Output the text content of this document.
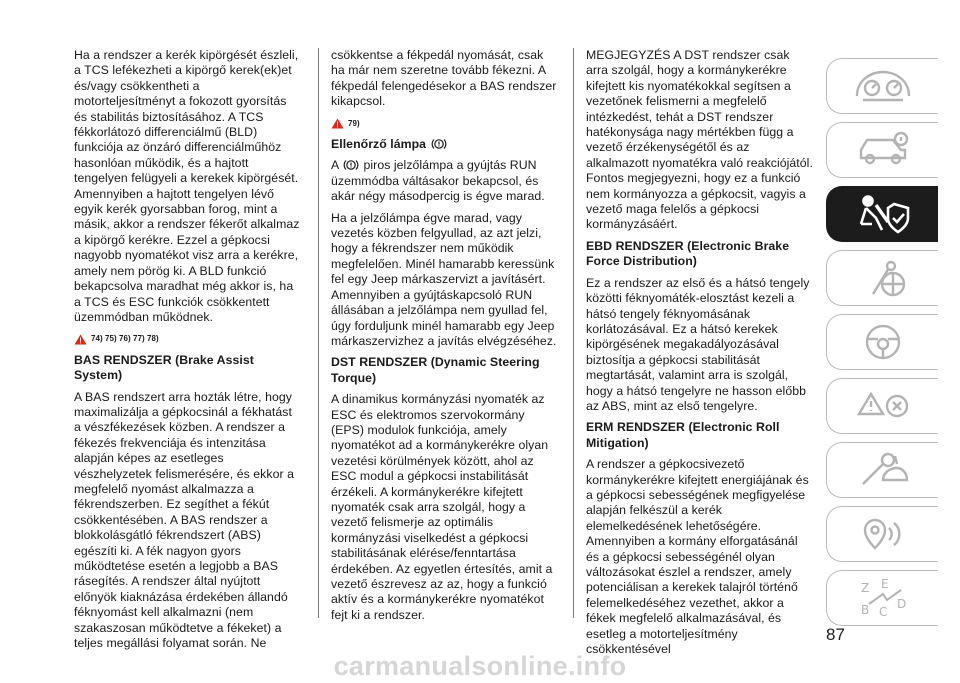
Ha a rendszer a kerék kipörgését észleli, a TCS lefékezheti a kipörgő kerek(ek)et és/vagy csökkentheti a motorteljesítményt a fokozott gyorsítás és stabilitás biztosításához. A TCS fékkorlátozó differenciálmű (BLD) funkciója az önzáró differenciálműhöz hasonlóan működik, és a hajtott tengelyen felügyeli a kerekek kipörgését. Amennyiben a hajtott tengelyen lévő egyik kerék gyorsabban forog, mint a másik, akkor a rendszer fékerőt alkalmaz a kipörgő kerékre. Ezzel a gépkocsi nagyobb nyomatékot visz arra a kerékre, amely nem pörög ki. A BLD funkció bekapcsolva maradhat még akkor is, ha a TCS és ESC funkciók csökkentett üzemmódban működnek.

74) 75) 76) 77) 78)
BAS RENDSZER (Brake Assist System)

A BAS rendszert arra hozták létre, hogy maximalizálja a gépkocsinál a fékhatást a vészfékezések közben. A rendszer a fékezés frekvenciája és intenzitása alapján képes az esetleges vészhelyzetek felismerésére, és ekkor a megfelelő nyomást alkalmazza a fékrendszerben. Ez segíthet a fékút csökkentésében. A BAS rendszer a blokkolásgátló fékrendszert (ABS) egészíti ki. A fék nagyon gyors működtetése esetén a legjobb a BAS rásegítés. A rendszer által nyújtott előnyök kiaknázása érdekében állandó féknyomást kell alkalmazni (nem szakaszosan működtetve a fékeket) a teljes megállási folyamat során. Ne

csökkentse a fékpedál nyomását, csak ha már nem szeretne tovább fékezni. A fékpedál felengedésekor a BAS rendszer kikapcsol.

79)
Ellenőrző lámpa

A piros jelzőlámpa a gyújtás RUN üzemmódba váltásakor bekapcsol, és akár négy másodpercig is égve marad.

Ha a jelzőlámpa égve marad, vagy vezetés közben felgyullad, az azt jelzi, hogy a fékrendszer nem működik megfelelően. Minél hamarabb keressünk fel egy Jeep márkaszervizt a javításért. Amennyiben a gyújtáskapcsoló RUN állásában a jelzőlámpa nem gyullad fel, úgy forduljunk minél hamarabb egy Jeep márkaszervizhez a javítás elvégzéséhez.

DST RENDSZER (Dynamic Steering Torque)

A dinamikus kormányzási nyomaték az ESC és elektromos szervokormány (EPS) modulok funkciója, amely nyomatékot ad a kormánykerékre olyan vezetési körülmények között, ahol az ESC modul a gépkocsi instabilitását érzékeli. A kormánykerékre kifejtett nyomaték csak arra szolgál, hogy a vezető felismerje az optimális kormányzási viselkedést a gépkocsi stabilitásának elérése/fenntartása érdekében. Az egyetlen értesítés, amit a vezető észrevesz az az, hogy a funkció aktív és a kormánykerékre nyomatékot fejt ki a rendszer.

MEGJEGYZÉS A DST rendszer csak arra szolgál, hogy a kormánykerékre kifejtett kis nyomatékokkal segítsen a vezetőnek felismerni a megfelelő intézkedést, tehát a DST rendszer hatékonysága nagy mértékben függ a vezető érzékenységétől és az alkalmazott nyomatékra való reakciójától. Fontos megjegyezni, hogy ez a funkció nem kormányozza a gépkocsit, vagyis a vezető maga felelős a gépkocsi kormányzásáért.

EBD RENDSZER (Electronic Brake Force Distribution)

Ez a rendszer az első és a hátsó tengely közötti féknyomáték-elosztást kezeli a hátsó tengely féknyomásának korlátozásával. Ez a hátsó kerekek kipörgésének megakadályozásával biztosítja a gépkocsi stabilitását megtartását, valamint arra is szolgál, hogy a hátsó tengelyre ne hasson előbb az ABS, mint az első tengelyre.

ERM RENDSZER (Electronic Roll Mitigation)

A rendszer a gépkocsivezető kormánykerékre kifejtett energiájának és a gépkocsi sebességének megfigyelése alapján felkészül a kerék elemelkedésének lehetőségére. Amennyiben a kormány elforgatásánál és a gépkocsi sebességénél olyan változásokat észlel a rendszer, amely potenciálisan a kerekek talajról történő felemelkedéséhez vezethet, akkor a fékek megfelelő alkalmazásával, és esetleg a motorteljesítmény csökkentésével

Z E
B C
D
87
carmanualsonline.info
